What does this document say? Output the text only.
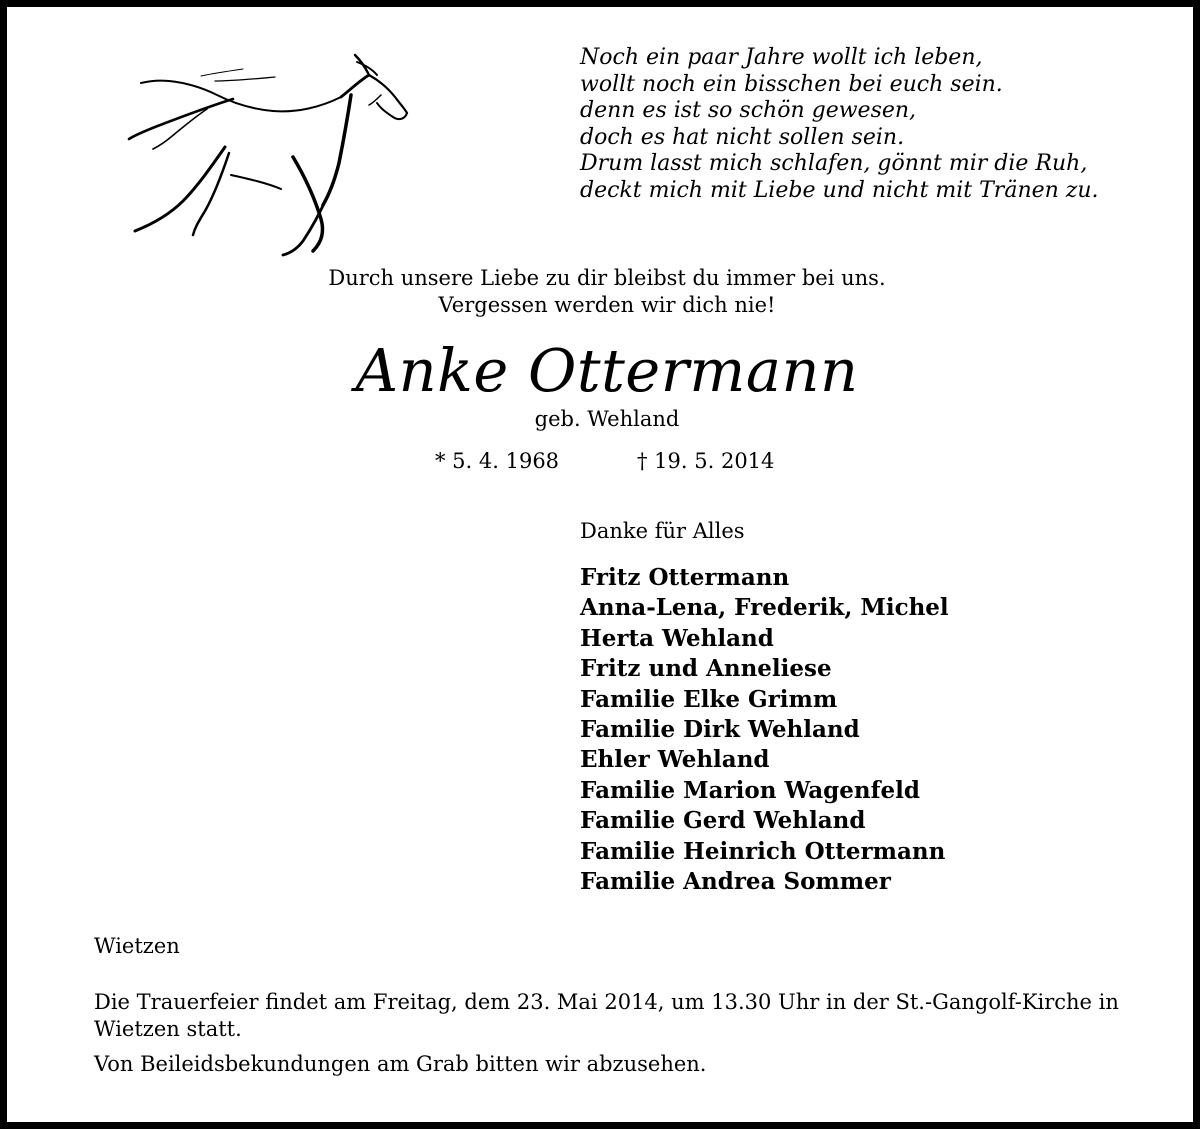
Noch ein paar Jahre wollt ich leben,
wollt noch ein bisschen bei euch sein.
denn es ist so schön gewesen,
doch es hat nicht sollen sein.
Drum lasst mich schlafen, gönnt mir die Ruh,
deckt mich mit Liebe und nicht mit Tränen zu.
Durch unsere Liebe zu dir bleibst du immer bei uns.
Vergessen werden wir dich nie!
Anke Ottermann
geb. Wehland
* 5. 4. 1968	† 19. 5. 2014
Danke für Alles
Fritz Ottermann
Anna-Lena, Frederik, Michel
Herta Wehland
Fritz und Anneliese
Familie Elke Grimm
Familie Dirk Wehland
Ehler Wehland
Familie Marion Wagenfeld
Familie Gerd Wehland
Familie Heinrich Ottermann
Familie Andrea Sommer
Wietzen

Die Trauerfeier findet am Freitag, dem 23. Mai 2014, um 13.30 Uhr in der St.-Gangolf-Kirche in Wietzen statt.

Von Beileidsbekundungen am Grab bitten wir abzusehen.
